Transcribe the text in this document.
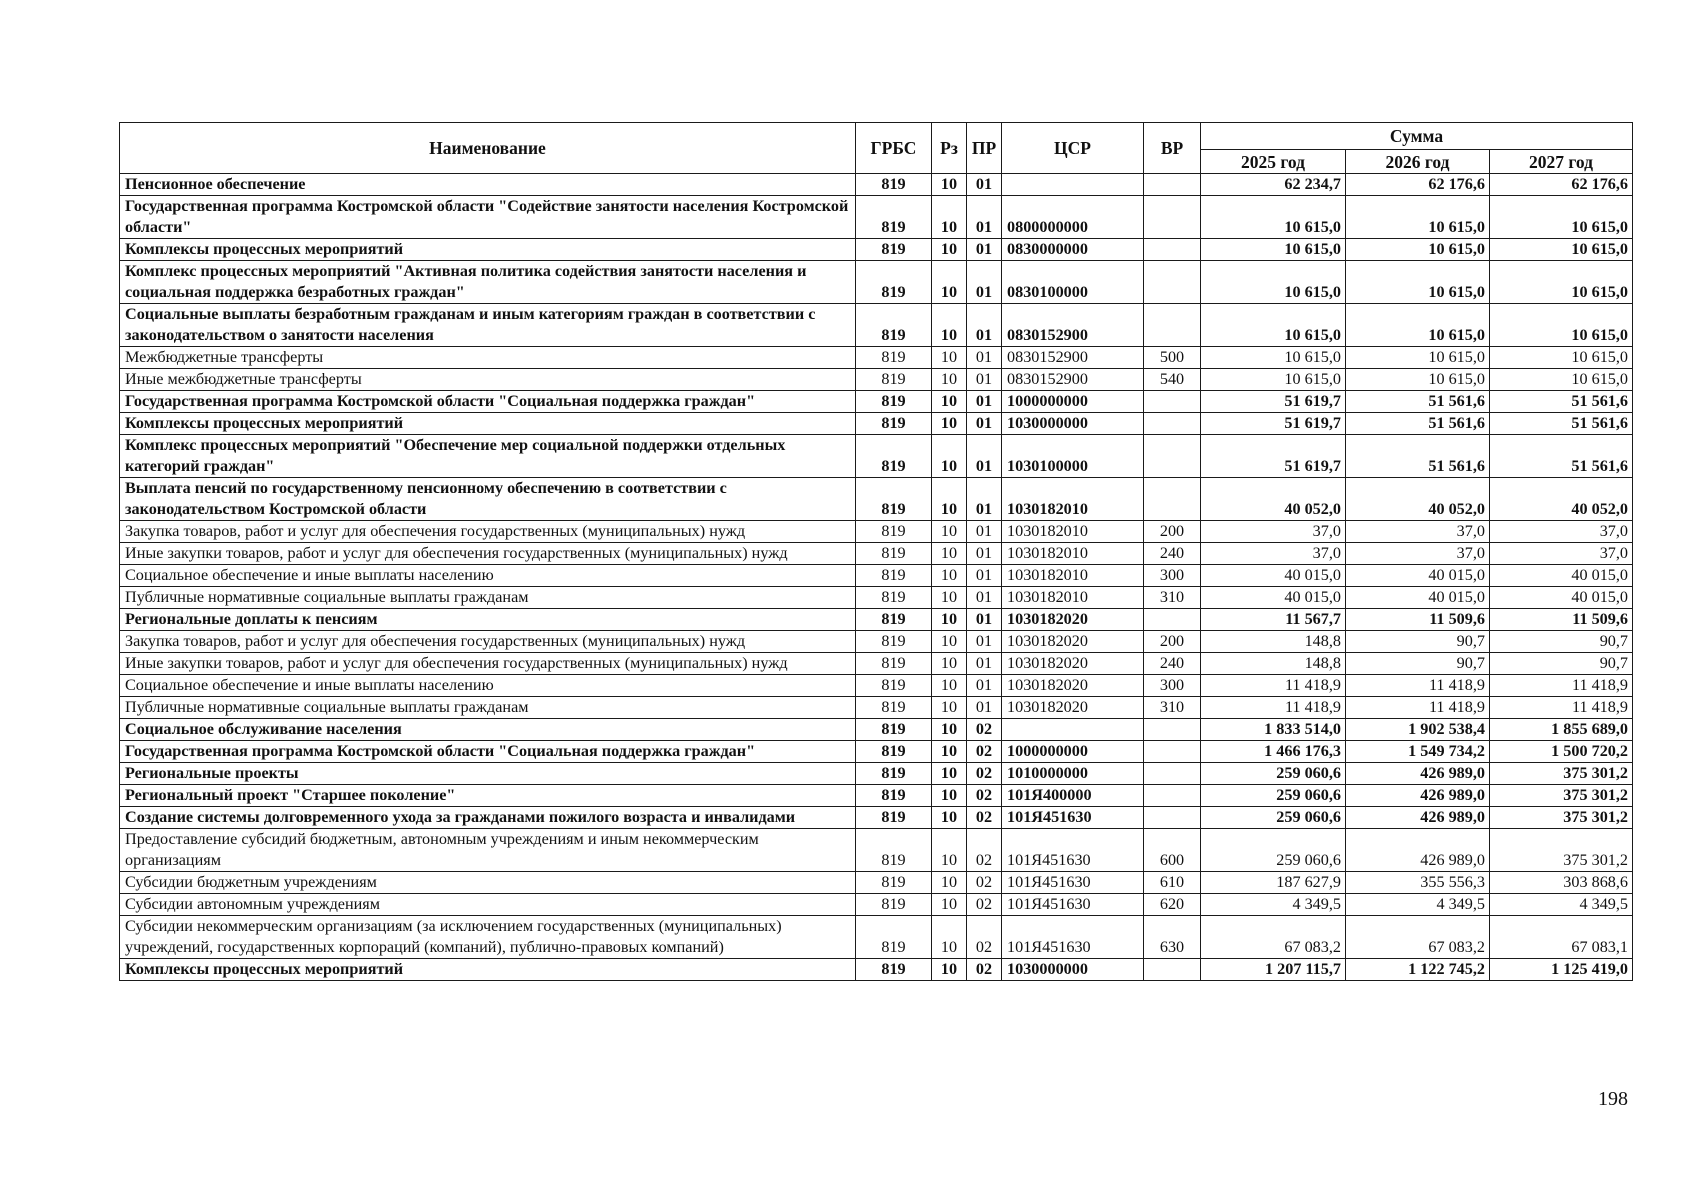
Наименование	ГРБС	Рз	ПР	ЦСР	ВР	Сумма		
						2025 год	2026 год	2027 год
Пенсионное обеспечение	819	10	01			62 234,7	62 176,6	62 176,6
Государственная программа Костромской области "Содействие занятости населения Костромской области"	819	10	01	0800000000		10 615,0	10 615,0	10 615,0
Комплексы процессных мероприятий	819	10	01	0830000000		10 615,0	10 615,0	10 615,0
Комплекс процессных мероприятий "Активная политика содействия занятости населения и социальная поддержка безработных граждан"	819	10	01	0830100000		10 615,0	10 615,0	10 615,0
Социальные выплаты безработным гражданам и иным категориям граждан в соответствии с законодательством о занятости населения	819	10	01	0830152900		10 615,0	10 615,0	10 615,0
Межбюджетные трансферты	819	10	01	0830152900	500	10 615,0	10 615,0	10 615,0
Иные межбюджетные трансферты	819	10	01	0830152900	540	10 615,0	10 615,0	10 615,0
Государственная программа Костромской области "Социальная поддержка граждан"	819	10	01	1000000000		51 619,7	51 561,6	51 561,6
Комплексы процессных мероприятий	819	10	01	1030000000		51 619,7	51 561,6	51 561,6
Комплекс процессных мероприятий "Обеспечение мер социальной поддержки отдельных категорий граждан"	819	10	01	1030100000		51 619,7	51 561,6	51 561,6
Выплата пенсий по государственному пенсионному обеспечению в соответствии с законодательством Костромской области	819	10	01	1030182010		40 052,0	40 052,0	40 052,0
Закупка товаров, работ и услуг для обеспечения государственных (муниципальных) нужд	819	10	01	1030182010	200	37,0	37,0	37,0
Иные закупки товаров, работ и услуг для обеспечения государственных (муниципальных) нужд	819	10	01	1030182010	240	37,0	37,0	37,0
Социальное обеспечение и иные выплаты населению	819	10	01	1030182010	300	40 015,0	40 015,0	40 015,0
Публичные нормативные социальные выплаты гражданам	819	10	01	1030182010	310	40 015,0	40 015,0	40 015,0
Региональные доплаты к пенсиям	819	10	01	1030182020		11 567,7	11 509,6	11 509,6
Закупка товаров, работ и услуг для обеспечения государственных (муниципальных) нужд	819	10	01	1030182020	200	148,8	90,7	90,7
Иные закупки товаров, работ и услуг для обеспечения государственных (муниципальных) нужд	819	10	01	1030182020	240	148,8	90,7	90,7
Социальное обеспечение и иные выплаты населению	819	10	01	1030182020	300	11 418,9	11 418,9	11 418,9
Публичные нормативные социальные выплаты гражданам	819	10	01	1030182020	310	11 418,9	11 418,9	11 418,9
Социальное обслуживание населения	819	10	02			1 833 514,0	1 902 538,4	1 855 689,0
Государственная программа Костромской области "Социальная поддержка граждан"	819	10	02	1000000000		1 466 176,3	1 549 734,2	1 500 720,2
Региональные проекты	819	10	02	1010000000		259 060,6	426 989,0	375 301,2
Региональный проект "Старшее поколение"	819	10	02	101Я400000		259 060,6	426 989,0	375 301,2
Создание системы долговременного ухода за гражданами пожилого возраста и инвалидами	819	10	02	101Я451630		259 060,6	426 989,0	375 301,2
Предоставление субсидий бюджетным, автономным учреждениям и иным некоммерческим организациям	819	10	02	101Я451630	600	259 060,6	426 989,0	375 301,2
Субсидии бюджетным учреждениям	819	10	02	101Я451630	610	187 627,9	355 556,3	303 868,6
Субсидии автономным учреждениям	819	10	02	101Я451630	620	4 349,5	4 349,5	4 349,5
Субсидии некоммерческим организациям (за исключением государственных (муниципальных) учреждений, государственных корпораций (компаний), публично-правовых компаний)	819	10	02	101Я451630	630	67 083,2	67 083,2	67 083,1
Комплексы процессных мероприятий	819	10	02	1030000000		1 207 115,7	1 122 745,2	1 125 419,0
198
